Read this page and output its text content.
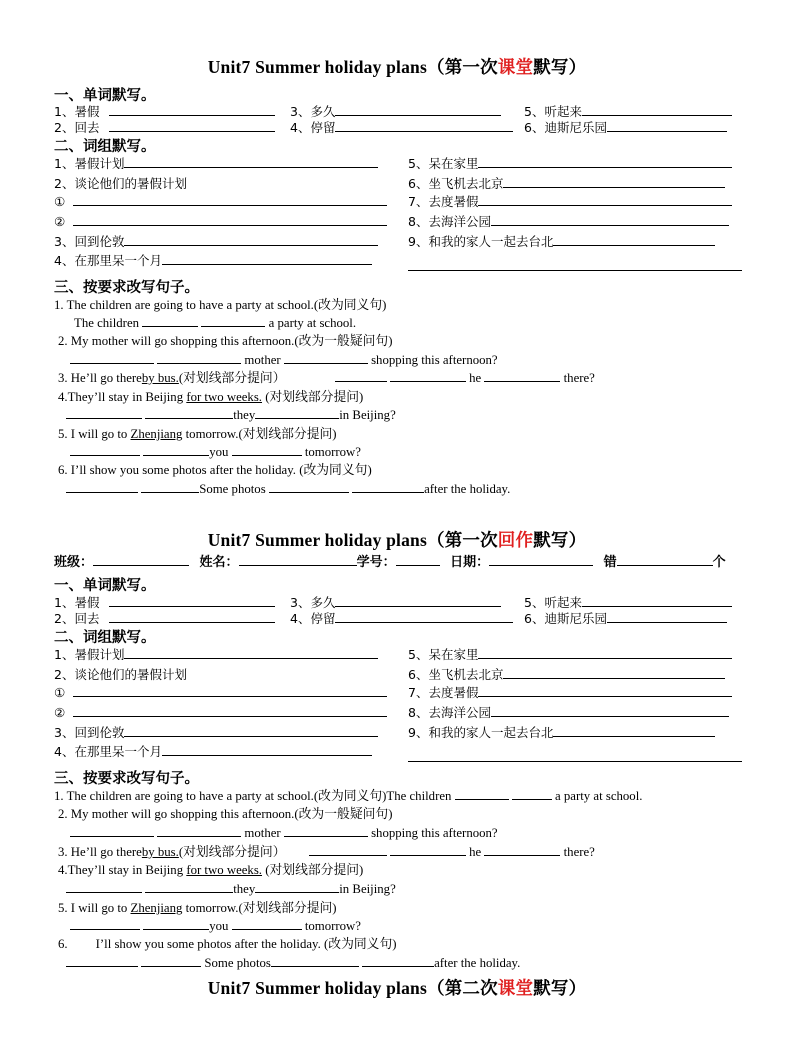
Unit7 Summer holiday plans（第一次课堂默写）
一、单词默写。
1、暑假	3、多久	5、听起来
2、回去	4、停留	6、迪斯尼乐园
二、词组默写。
1、暑假计划
2、谈论他们的暑假计划
①
②
3、回到伦敦
4、在那里呆一个月
5、呆在家里
6、坐飞机去北京
7、去度暑假
8、去海洋公园
9、和我的家人一起去台北
三、按要求改写句子。
1. The children are going to have a party at school.(改为同义句)
The children	a party at school.
2. My mother will go shopping this afternoon.(改为一般疑问句)
mother	shopping this afternoon?
3. He’ll go thereby bus.(对划线部分提问）	he	there?
4.They’ll stay in Beijing for two weeks. (对划线部分提问)
they	in Beijing?
5. I will go to Zhenjiang tomorrow.(对划线部分提问)
you	tomorrow?
6. I’ll show you some photos after the holiday. (改为同义句)
Some photos	after the holiday.
Unit7 Summer holiday plans（第一次回作默写）
班级：	姓名：	学号：	日期：	错	个
一、单词默写。
1、暑假	3、多久	5、听起来
2、回去	4、停留	6、迪斯尼乐园
二、词组默写。
1、暑假计划
2、谈论他们的暑假计划
①
②
3、回到伦敦
4、在那里呆一个月
5、呆在家里
6、坐飞机去北京
7、去度暑假
8、去海洋公园
9、和我的家人一起去台北
三、按要求改写句子。
1. The children are going to have a party at school.(改为同义句)The children	a party at school.
2. My mother will go shopping this afternoon.(改为一般疑问句)
mother	shopping this afternoon?
3. He’ll go thereby bus.(对划线部分提问）	he	there?
4.They’ll stay in Beijing for two weeks. (对划线部分提问)
they	in Beijing?
5. I will go to Zhenjiang tomorrow.(对划线部分提问)
you	tomorrow?
6. I’ll show you some photos after the holiday. (改为同义句)
Some photos	after the holiday.
Unit7 Summer holiday plans（第二次课堂默写）
